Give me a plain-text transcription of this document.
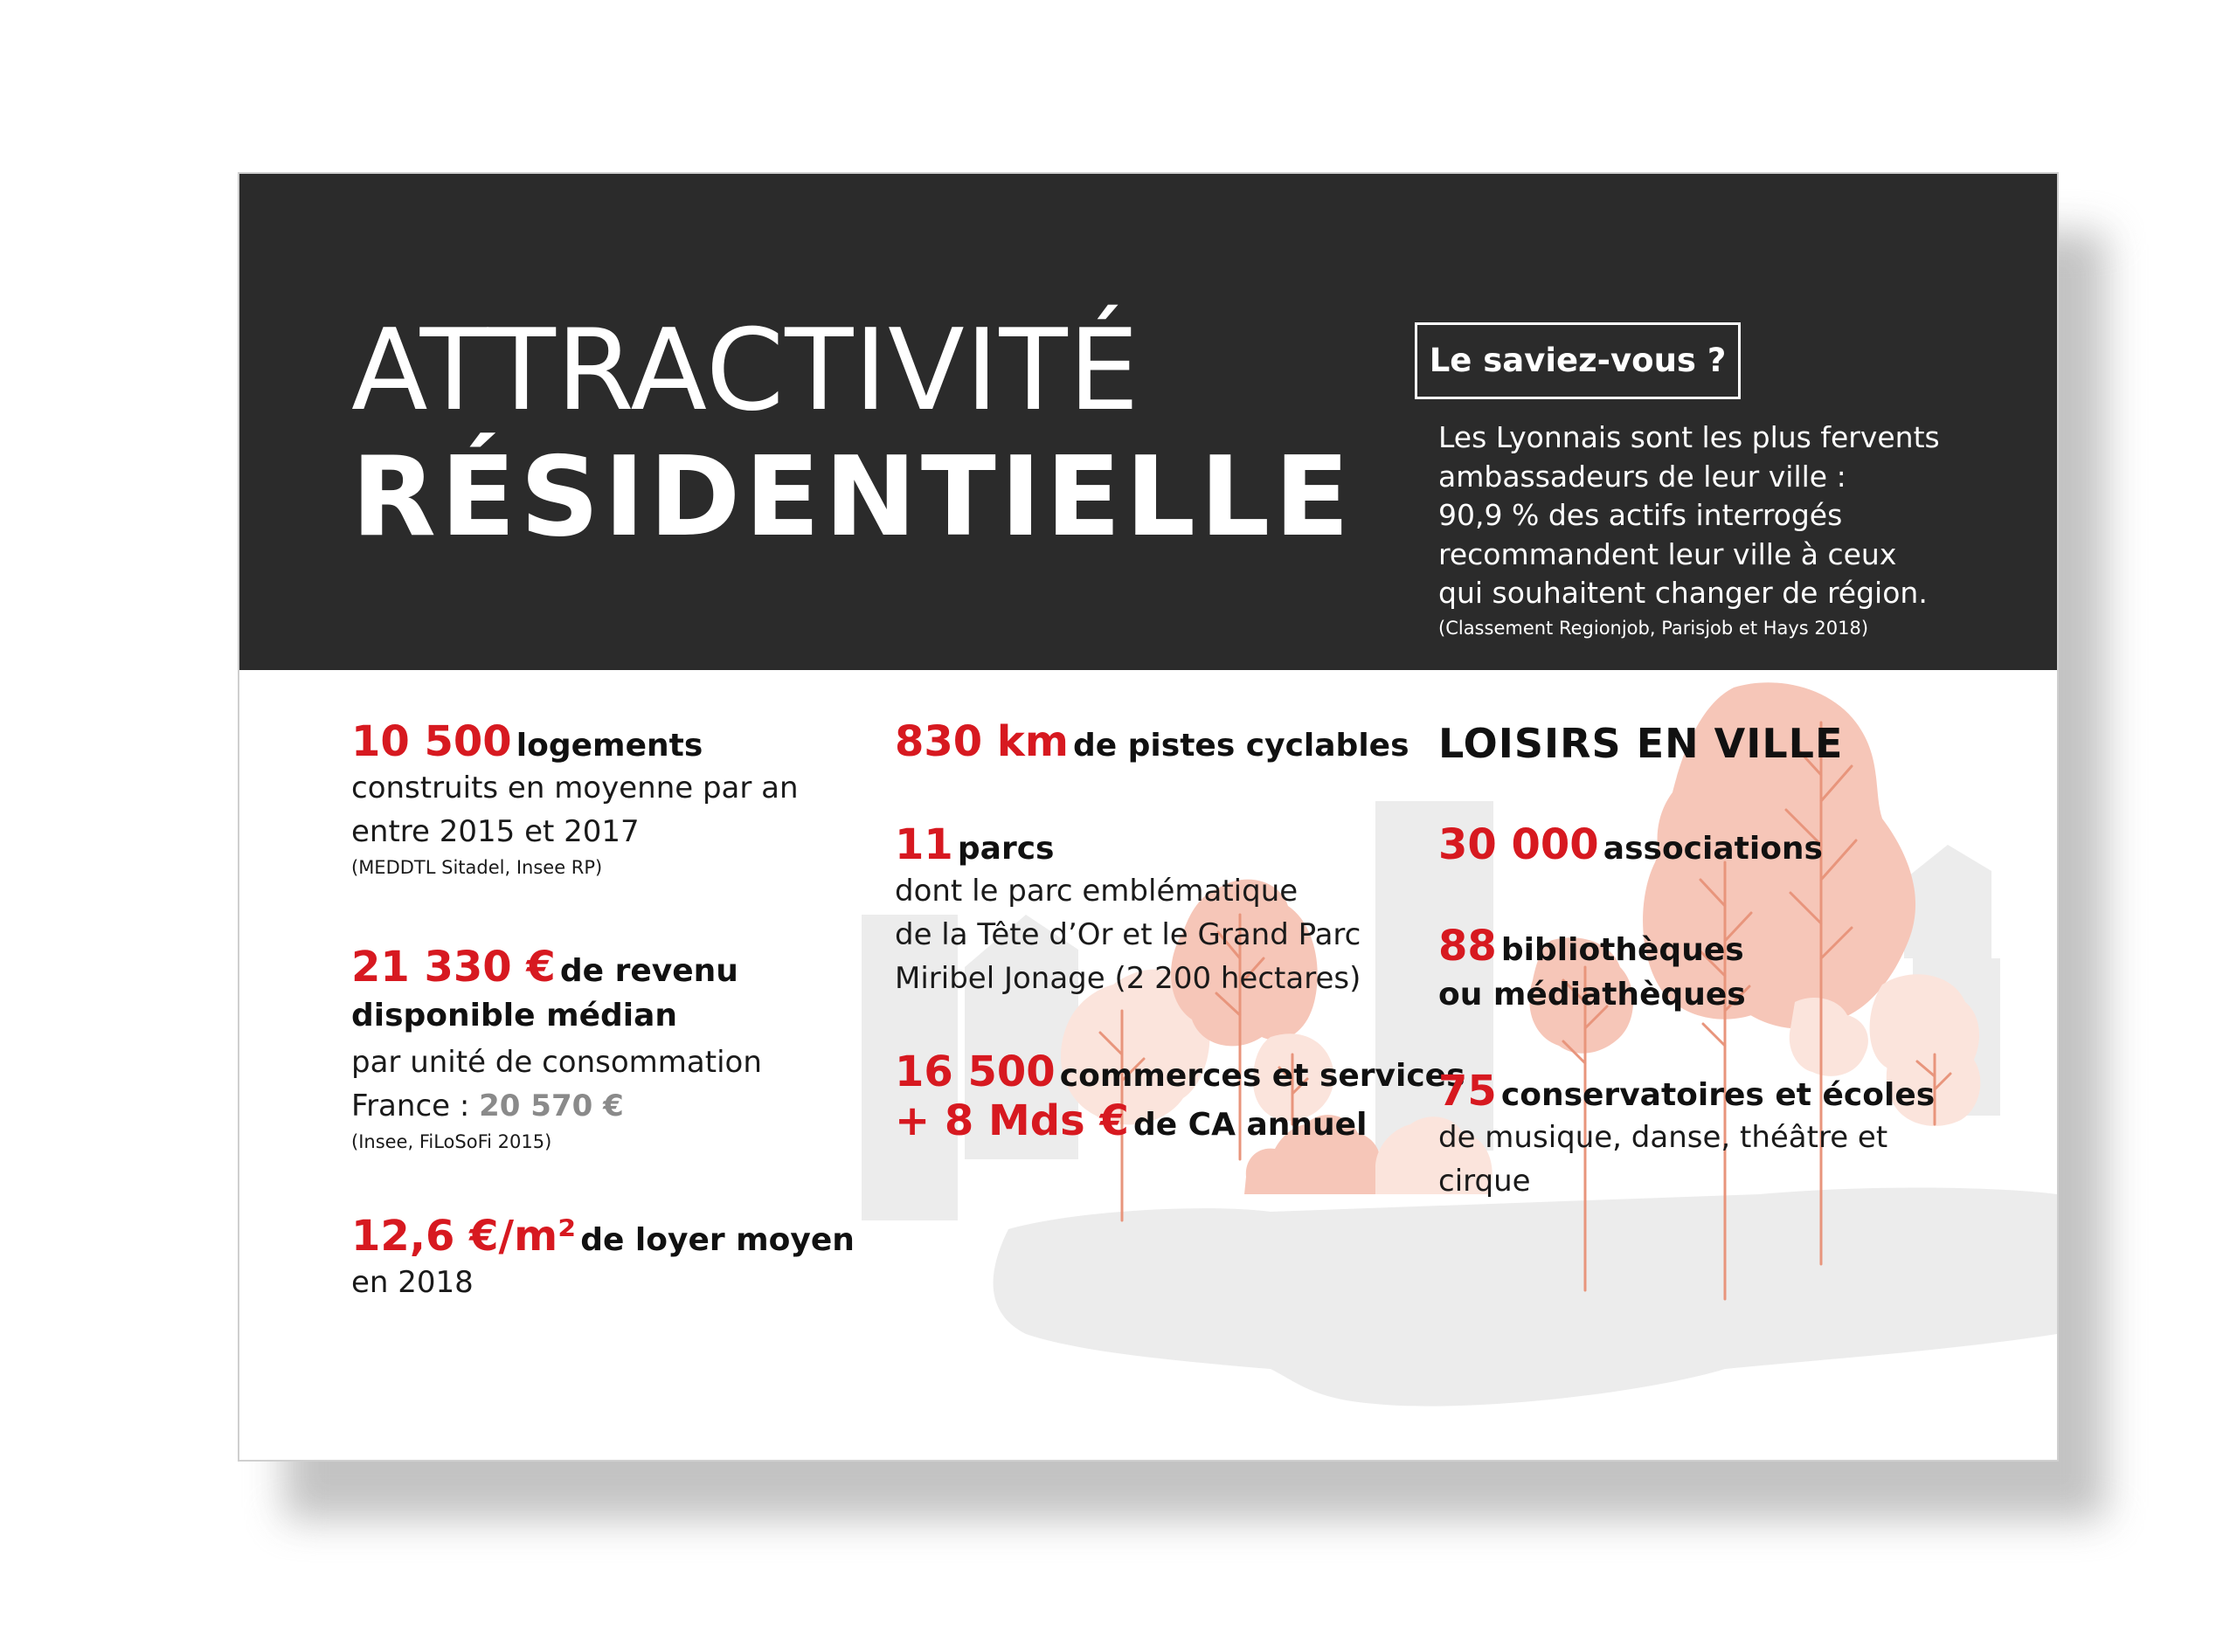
ATTRACTIVITÉ
RÉSIDENTIELLE
Le saviez-vous ?
Les Lyonnais sont les plus fervents
ambassadeurs de leur ville :
90,9 % des actifs interrogés
recommandent leur ville à ceux
qui souhaitent changer de région.
(Classement Regionjob, Parisjob et Hays 2018)
10 500 logements
construits en moyenne par an
entre 2015 et 2017
(MEDDTL Sitadel, Insee RP)
21 330 € de revenu
disponible médian
par unité de consommation
France : 20 570 €
(Insee, FiLoSoFi 2015)
12,6 €/m² de loyer moyen
en 2018
830 km de pistes cyclables
11 parcs
dont le parc emblématique
de la Tête d’Or et le Grand Parc
Miribel Jonage (2 200 hectares)
16 500 commerces et services
+ 8 Mds € de CA annuel
LOISIRS EN VILLE
30 000 associations
88 bibliothèques
ou médiathèques
75 conservatoires et écoles
de musique, danse, théâtre et
cirque
